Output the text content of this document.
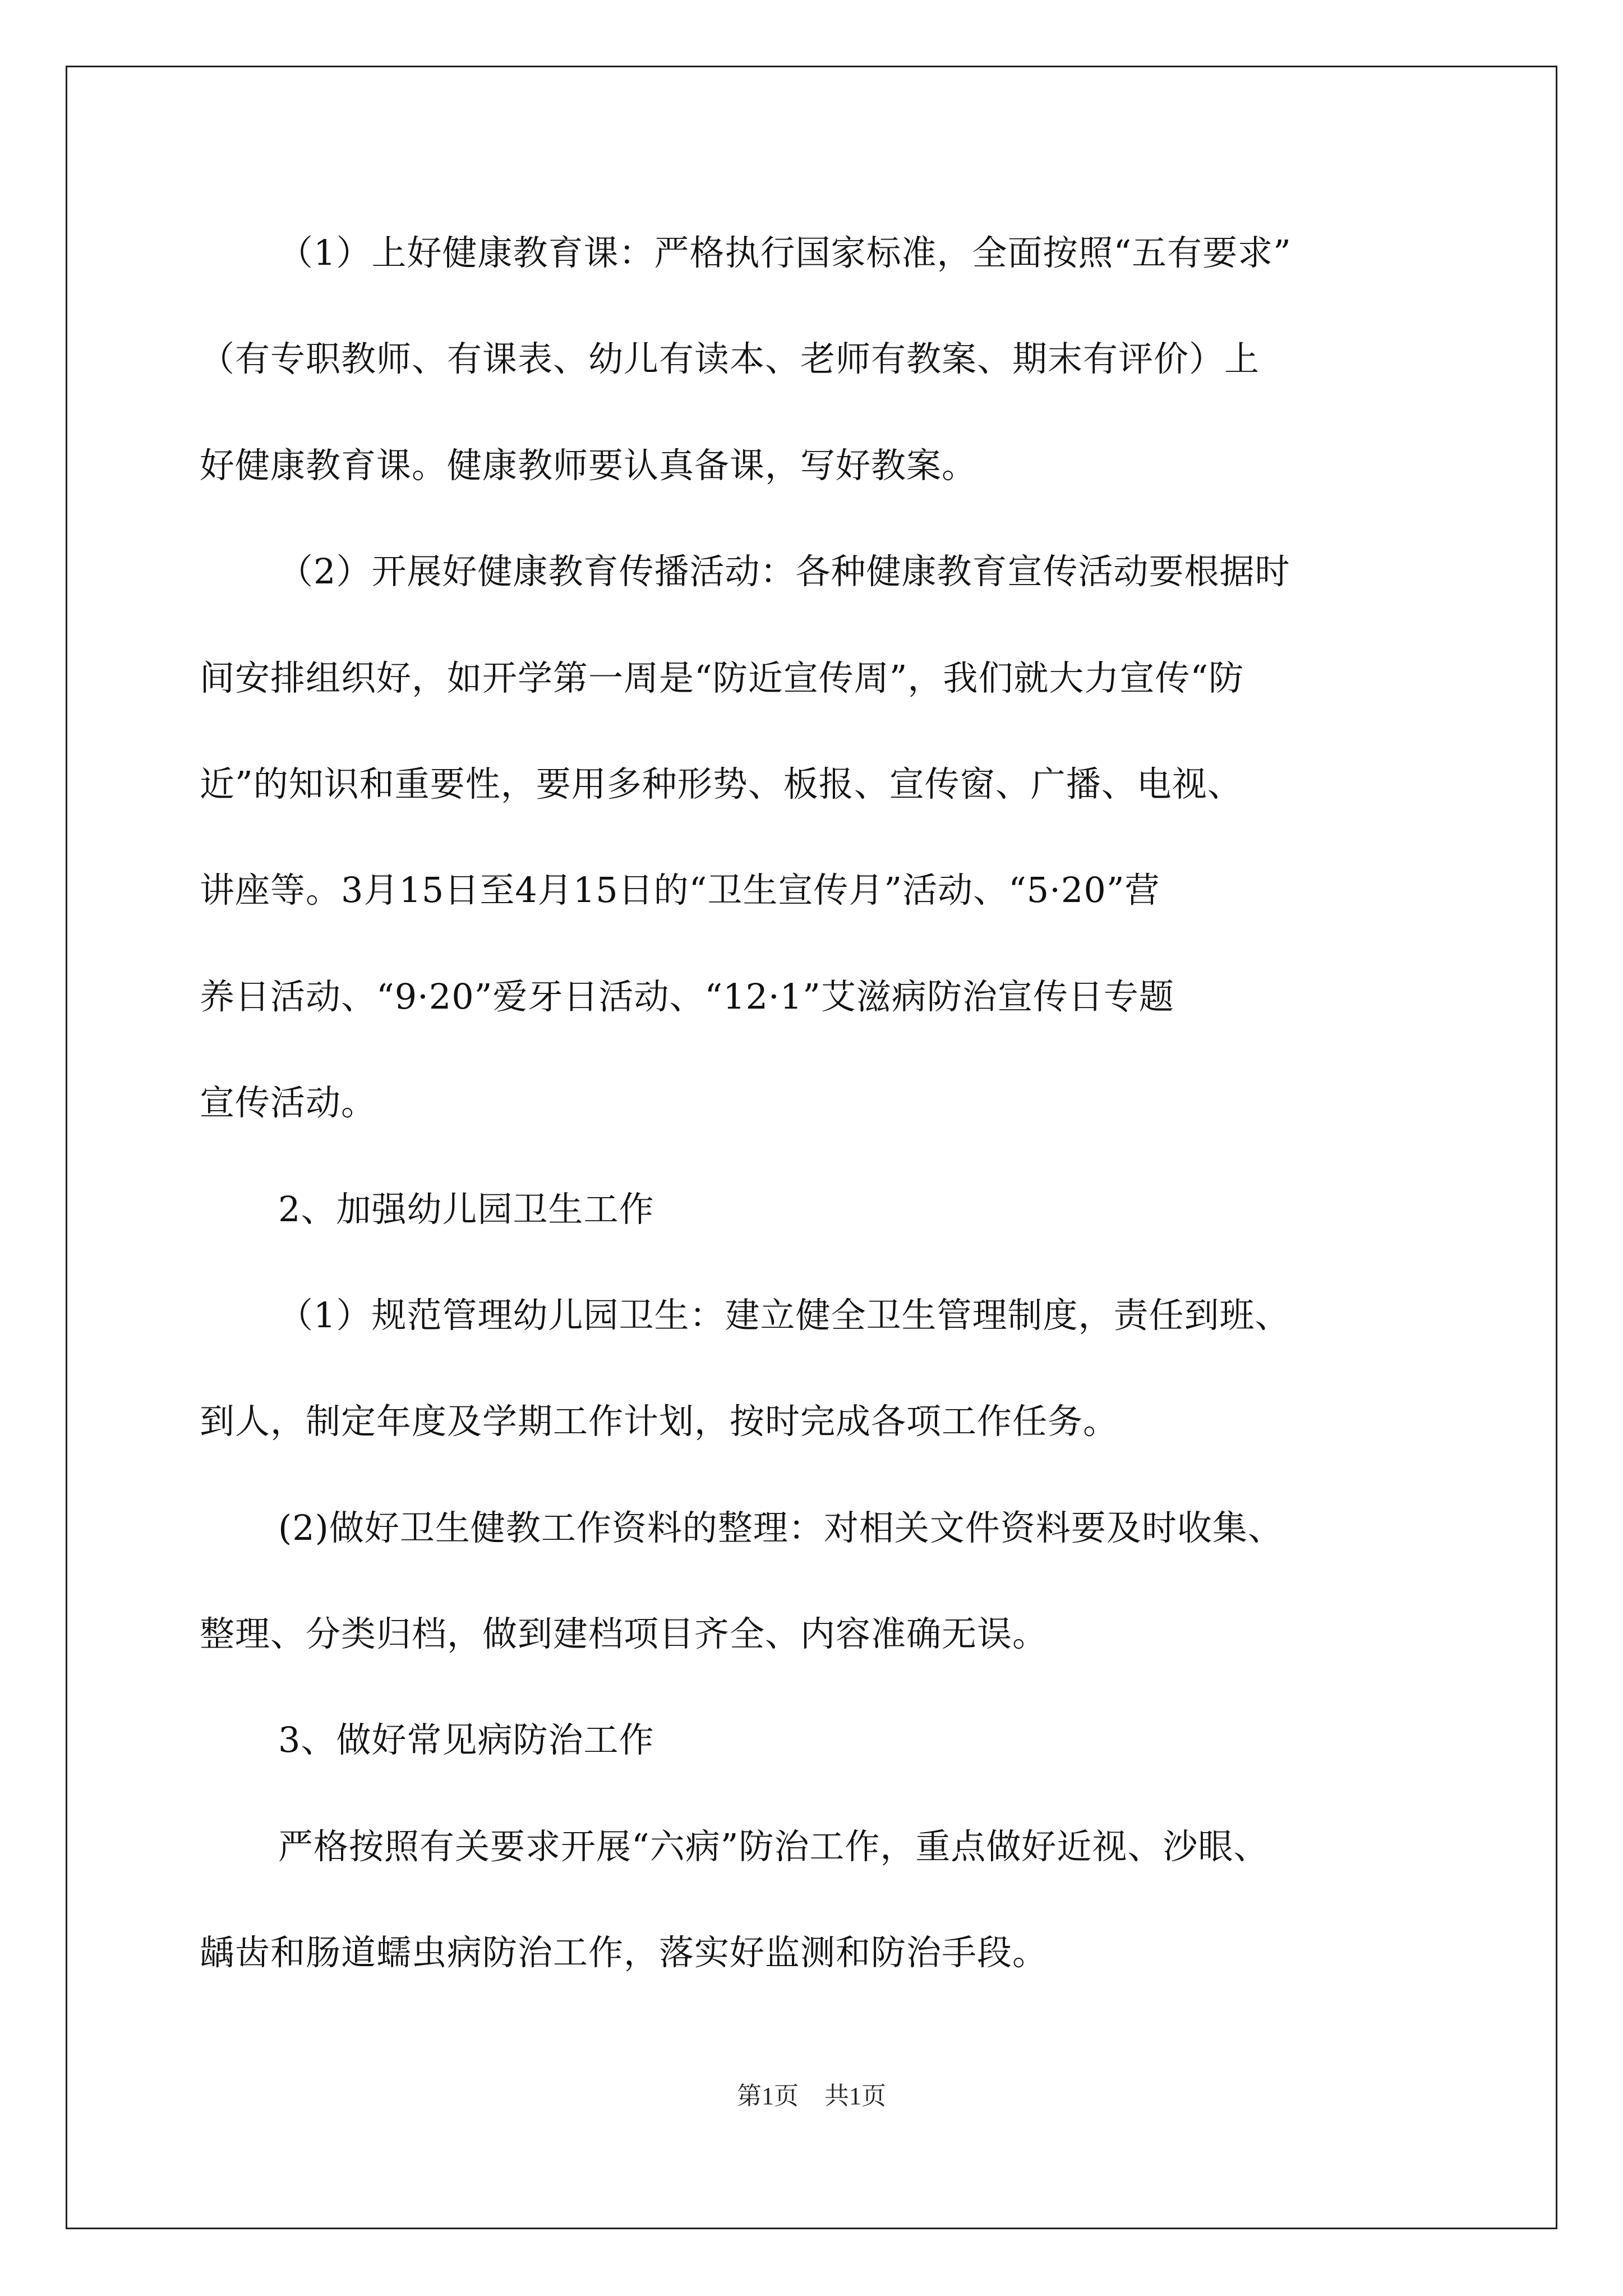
（1）上好健康教育课：严格执行国家标准，全面按照“五有要求”
（有专职教师、有课表、幼儿有读本、老师有教案、期末有评价）上
好健康教育课。健康教师要认真备课，写好教案。
（2）开展好健康教育传播活动：各种健康教育宣传活动要根据时
间安排组织好，如开学第一周是“防近宣传周”，我们就大力宣传“防
近”的知识和重要性，要用多种形势、板报、宣传窗、广播、电视、
讲座等。3月15日至4月15日的“卫生宣传月”活动、“5·20”营
养日活动、“9·20”爱牙日活动、“12·1”艾滋病防治宣传日专题
宣传活动。
2、加强幼儿园卫生工作
（1）规范管理幼儿园卫生：建立健全卫生管理制度，责任到班、
到人，制定年度及学期工作计划，按时完成各项工作任务。
(2)做好卫生健教工作资料的整理：对相关文件资料要及时收集、
整理、分类归档，做到建档项目齐全、内容准确无误。
3、做好常见病防治工作
严格按照有关要求开展“六病”防治工作，重点做好近视、沙眼、
龋齿和肠道蠕虫病防治工作，落实好监测和防治手段。
第1页 共1页
